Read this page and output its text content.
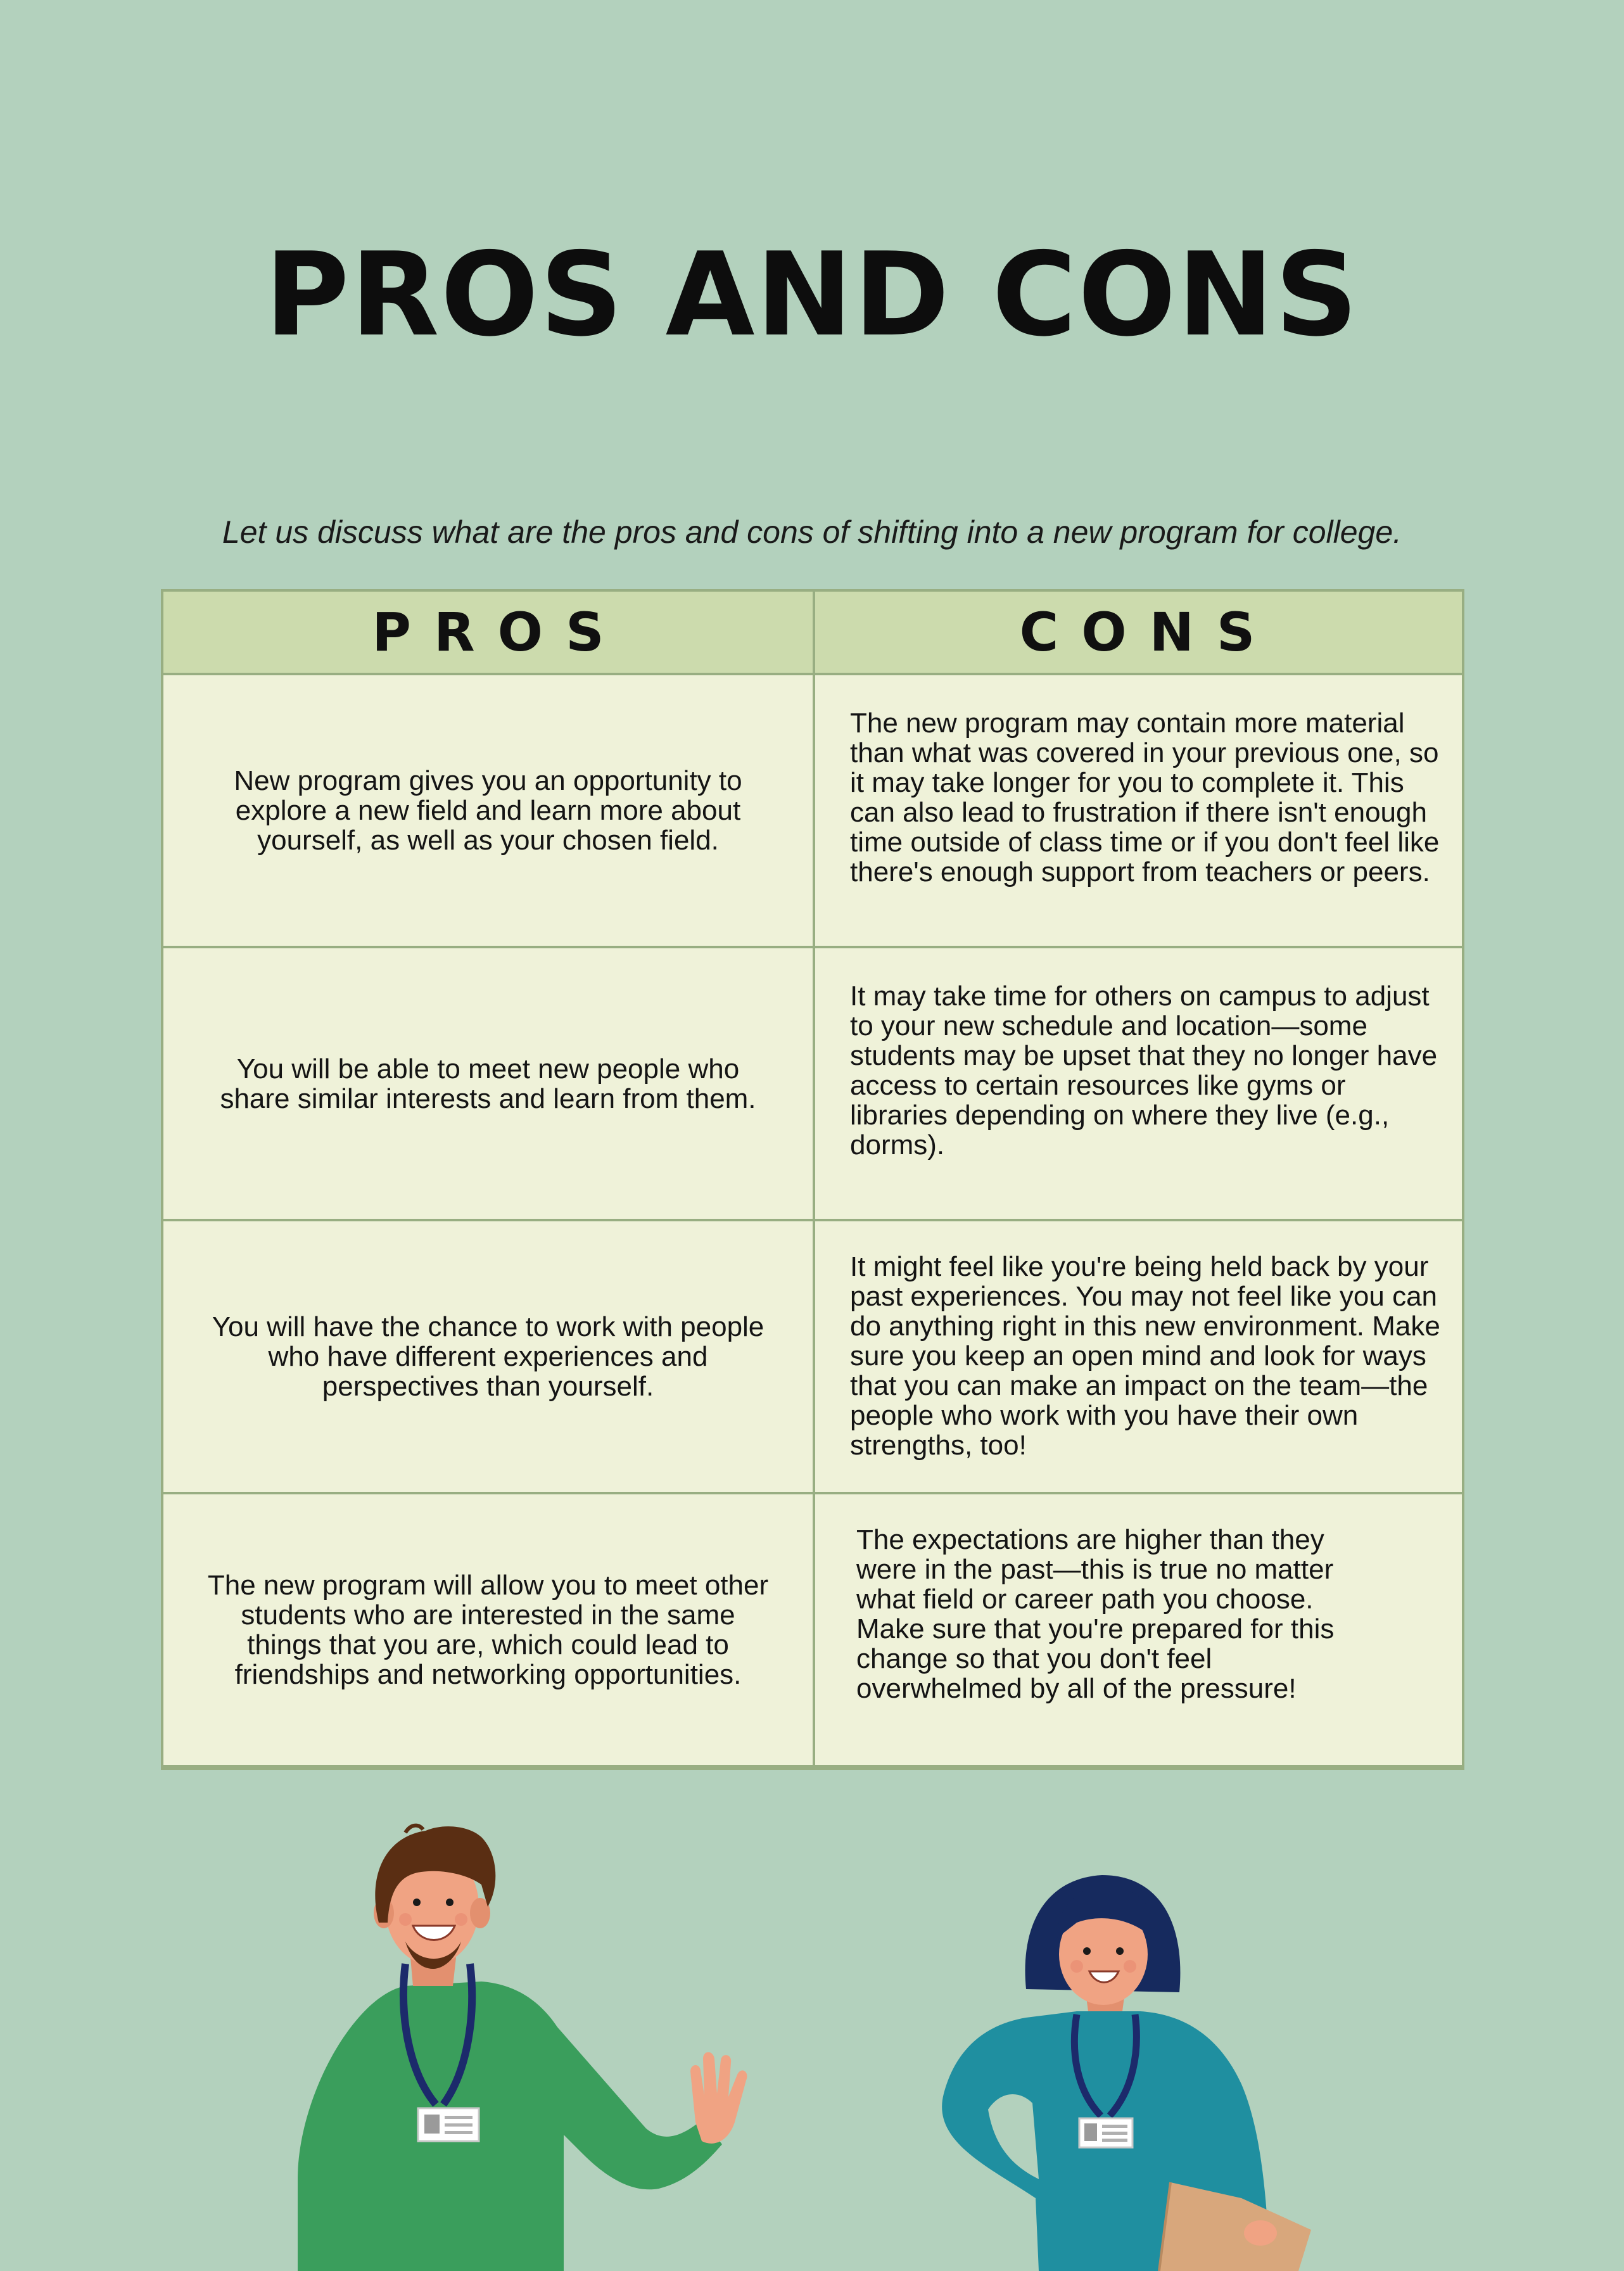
PROS AND CONS
Let us discuss what are the pros and cons of shifting into a new program for college.
PROS	CONS
New program gives you an opportunity to explore a new field and learn more about yourself, as well as your chosen field.
The new program may contain more material than what was covered in your previous one, so it may take longer for you to complete it. This can also lead to frustration if there isn't enough time outside of class time or if you don't feel like there's enough support from teachers or peers.
You will be able to meet new people who share similar interests and learn from them.
It may take time for others on campus to adjust to your new schedule and location—some students may be upset that they no longer have access to certain resources like gyms or libraries depending on where they live (e.g., dorms).
You will have the chance to work with people who have different experiences and perspectives than yourself.
It might feel like you're being held back by your past experiences. You may not feel like you can do anything right in this new environment. Make sure you keep an open mind and look for ways that you can make an impact on the team—the people who work with you have their own strengths, too!
The new program will allow you to meet other students who are interested in the same things that you are, which could lead to friendships and networking opportunities.
The expectations are higher than they were in the past—this is true no matter what field or career path you choose. Make sure that you're prepared for this change so that you don't feel overwhelmed by all of the pressure!
